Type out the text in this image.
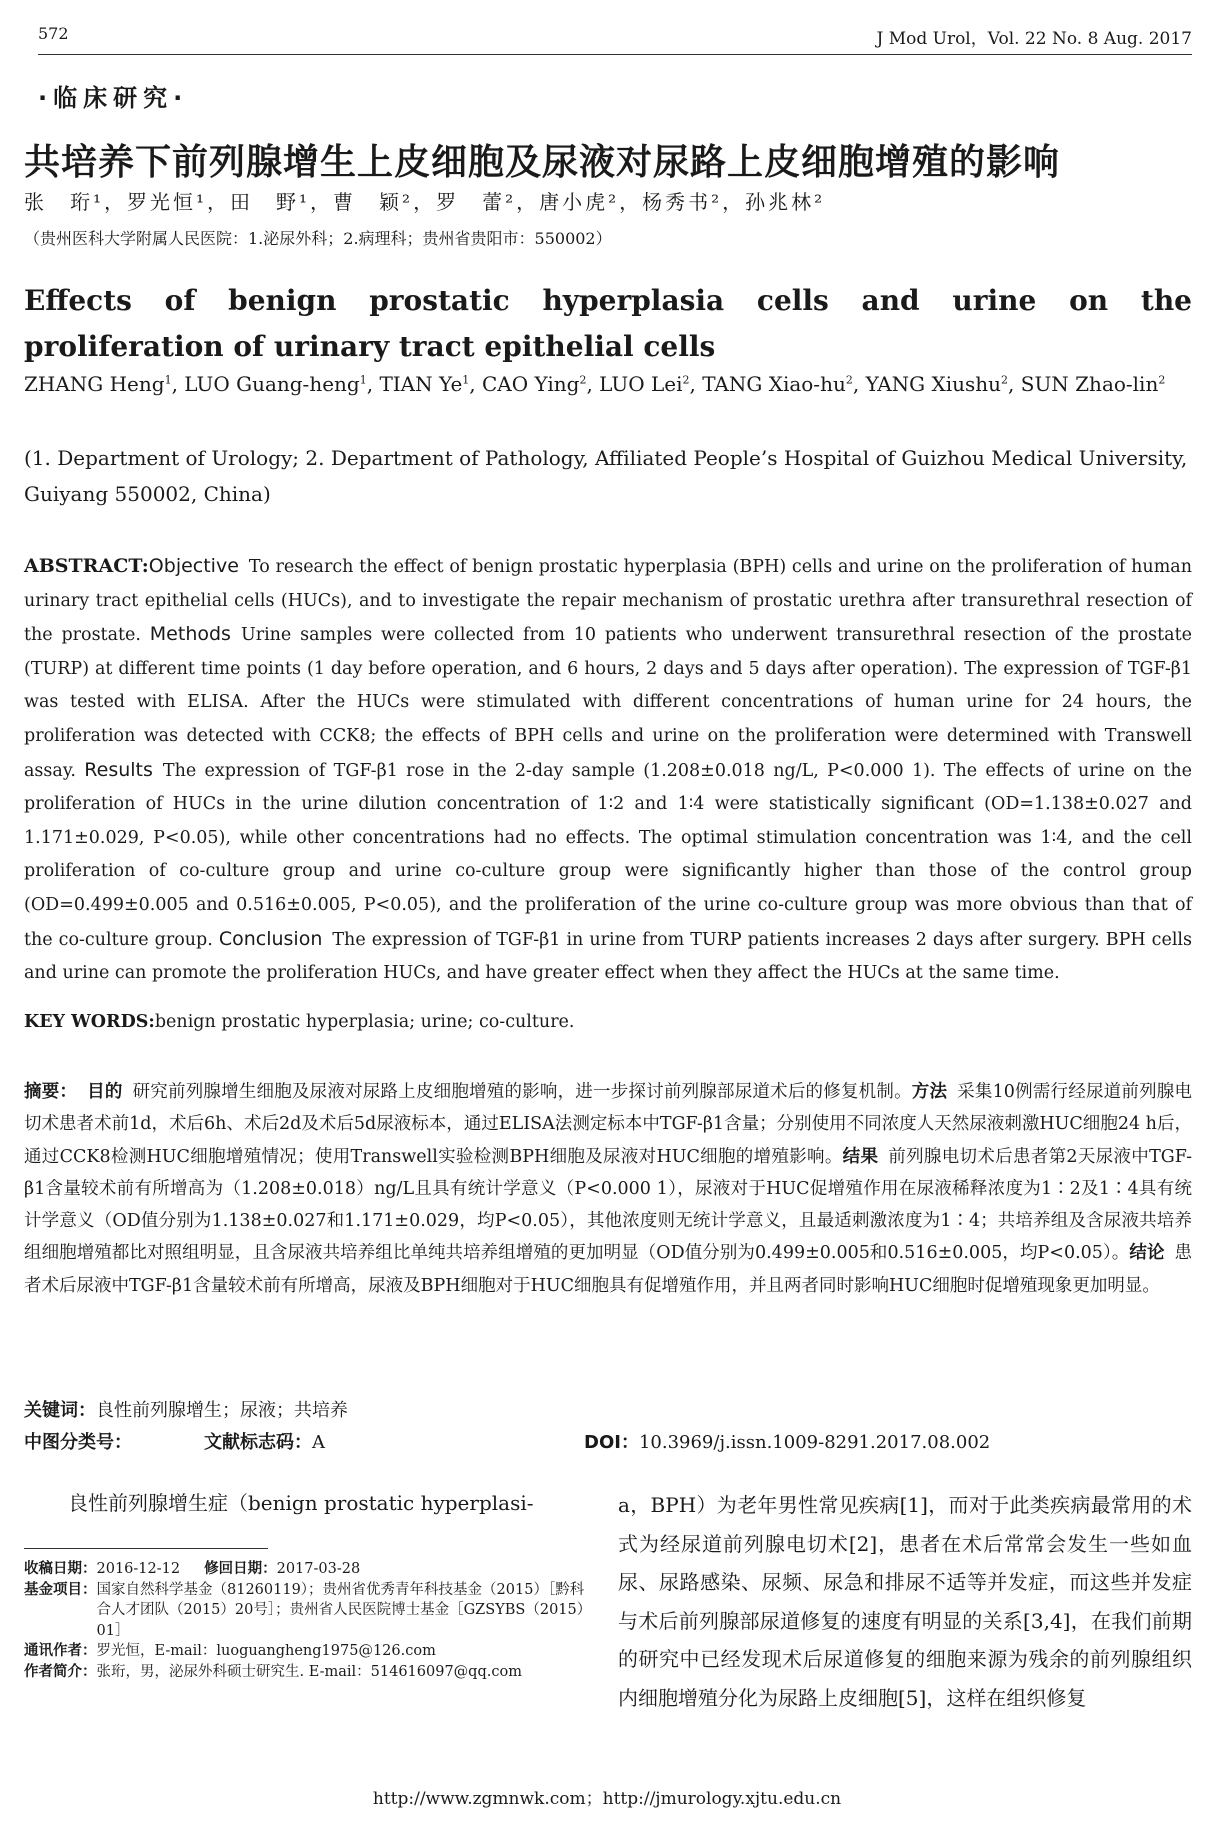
572	J Mod Urol，Vol. 22 No. 8 Aug. 2017
·临床研究·
共培养下前列腺增生上皮细胞及尿液对尿路上皮细胞增殖的影响
张　珩¹，罗光恒¹，田　野¹，曹　颖²，罗　蕾²，唐小虎²，杨秀书²，孙兆林²
（贵州医科大学附属人民医院：1.泌尿外科；2.病理科；贵州省贵阳市：550002）
Effects of benign prostatic hyperplasia cells and urine on the proliferation of urinary tract epithelial cells
ZHANG Heng$^1$, LUO Guang-heng$^1$, TIAN Ye$^1$, CAO Ying$^2$, LUO Lei$^2$, TANG Xiao-$hu^2$, YANG Xiushu$^2$, SUN Zhao-lin$^2$
(1. Department of Urology; 2. Department of Pathology, Affiliated People’s Hospital of Guizhou Medical University, Guiyang 550002, China)
ABSTRACT:Objective To research the effect of benign prostatic hyperplasia (BPH) cells and urine on the proliferation of human urinary tract epithelial cells (HUCs), and to investigate the repair mechanism of prostatic urethra after transurethral resection of the prostate. Methods Urine samples were collected from 10 patients who underwent transurethral resection of the prostate (TURP) at different time points (1 day before operation, and 6 hours, 2 days and 5 days after operation). The expression of TGF-β1 was tested with ELISA. After the HUCs were stimulated with different concentrations of human urine for 24 hours, the proliferation was detected with CCK8; the effects of BPH cells and urine on the proliferation were determined with Transwell assay. Results The expression of TGF-β1 rose in the 2-day sample (1.208±0.018 ng/L, P<0.000 1). The effects of urine on the proliferation of HUCs in the urine dilution concentration of 1∶2 and 1∶4 were statistically significant (OD=1.138±0.027 and 1.171±0.029, P<0.05), while other concentrations had no effects. The optimal stimulation concentration was 1∶4, and the cell proliferation of co-culture group and urine co-culture group were significantly higher than those of the control group (OD=0.499±0.005 and 0.516±0.005, P<0.05), and the proliferation of the urine co-culture group was more obvious than that of the co-culture group. Conclusion The expression of TGF-β1 in urine from TURP patients increases 2 days after surgery. BPH cells and urine can promote the proliferation HUCs, and have greater effect when they affect the HUCs at the same time.
KEY WORDS:benign prostatic hyperplasia; urine; co-culture.
摘要： 目的 研究前列腺增生细胞及尿液对尿路上皮细胞增殖的影响，进一步探讨前列腺部尿道术后的修复机制。方法 采集10例需行经尿道前列腺电切术患者术前1d，术后6h、术后2d及术后5d尿液标本，通过ELISA法测定标本中TGF-β1含量；分别使用不同浓度人天然尿液刺激HUC细胞24 h后，通过CCK8检测HUC细胞增殖情况；使用Transwell实验检测BPH细胞及尿液对HUC细胞的增殖影响。结果 前列腺电切术后患者第2天尿液中TGF-β1含量较术前有所增高为（1.208±0.018）ng/L且具有统计学意义（P<0.000 1），尿液对于HUC促增殖作用在尿液稀释浓度为1∶2及1∶4具有统计学意义（OD值分别为1.138±0.027和1.171±0.029，均P<0.05），其他浓度则无统计学意义，且最适刺激浓度为1∶4；共培养组及含尿液共培养组细胞增殖都比对照组明显，且含尿液共培养组比单纯共培养组增殖的更加明显（OD值分别为0.499±0.005和0.516±0.005，均P<0.05）。结论 患者术后尿液中TGF-β1含量较术前有所增高，尿液及BPH细胞对于HUC细胞具有促增殖作用，并且两者同时影响HUC细胞时促增殖现象更加明显。
关键词：良性前列腺增生；尿液；共培养
中图分类号：	文献标志码：A	DOI：10.3969/j.issn.1009-8291.2017.08.002
良性前列腺增生症（benign prostatic hyperplasi-
收稿日期： 2016-12-12 修回日期： 2017-03-28
基金项目： 国家自然科学基金（81260119）；贵州省优秀青年科技基金（2015）［黔科合人才团队（2015）20号］；贵州省人民医院博士基金［GZSYBS（2015）01］
通讯作者： 罗光恒，E-mail：luoguangheng1975@126.com
作者简介： 张珩，男，泌尿外科硕士研究生. E-mail：514616097@qq.com
a，BPH）为老年男性常见疾病[1]，而对于此类疾病最常用的术式为经尿道前列腺电切术[2]，患者在术后常常会发生一些如血尿、尿路感染、尿频、尿急和排尿不适等并发症，而这些并发症与术后前列腺部尿道修复的速度有明显的关系[3,4]，在我们前期的研究中已经发现术后尿道修复的细胞来源为残余的前列腺组织内细胞增殖分化为尿路上皮细胞[5]，这样在组织修复
http://www.zgmnwk.com；http://jmurology.xjtu.edu.cn
